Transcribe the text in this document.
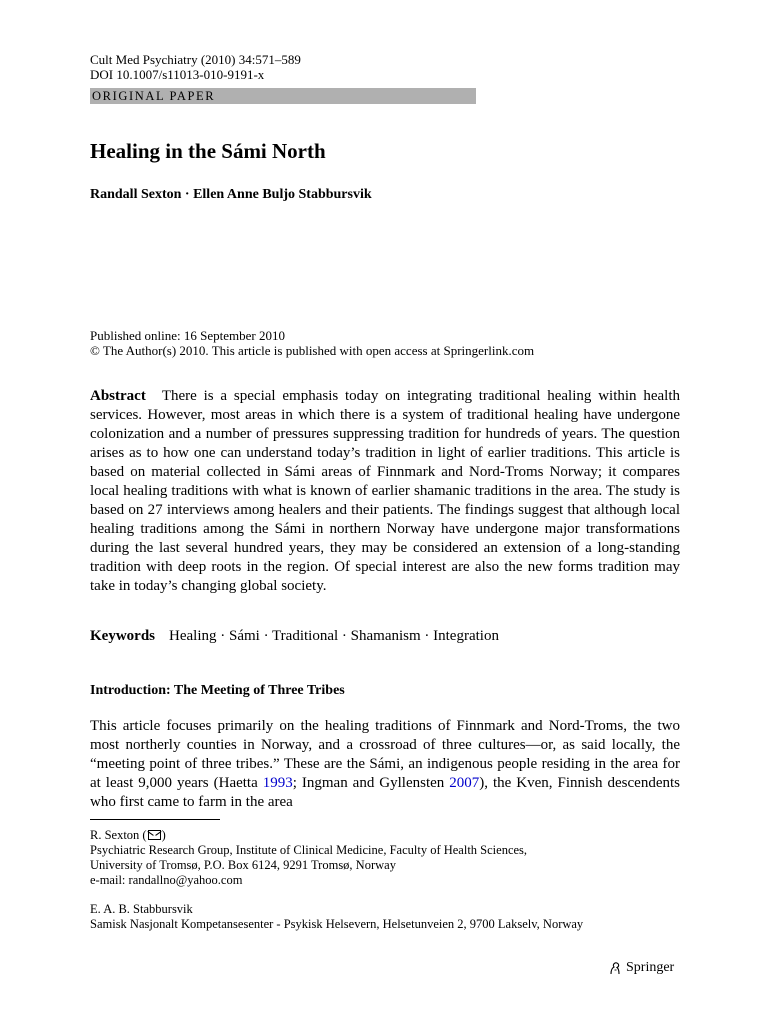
Cult Med Psychiatry (2010) 34:571–589
DOI 10.1007/s11013-010-9191-x
ORIGINAL PAPER
Healing in the Sámi North
Randall Sexton · Ellen Anne Buljo Stabbursvik
Published online: 16 September 2010
© The Author(s) 2010. This article is published with open access at Springerlink.com
Abstract There is a special emphasis today on integrating traditional healing within health services. However, most areas in which there is a system of traditional healing have undergone colonization and a number of pressures suppressing tradition for hundreds of years. The question arises as to how one can understand today’s tradition in light of earlier traditions. This article is based on material collected in Sámi areas of Finnmark and Nord-Troms Norway; it compares local healing traditions with what is known of earlier shamanic traditions in the area. The study is based on 27 interviews among healers and their patients. The findings suggest that although local healing traditions among the Sámi in northern Norway have undergone major transformations during the last several hundred years, they may be considered an extension of a long-standing tradition with deep roots in the region. Of special interest are also the new forms tradition may take in today’s changing global society.
Keywords Healing · Sámi · Traditional · Shamanism · Integration
Introduction: The Meeting of Three Tribes
This article focuses primarily on the healing traditions of Finnmark and Nord-Troms, the two most northerly counties in Norway, and a crossroad of three cultures—or, as said locally, the “meeting point of three tribes.” These are the Sámi, an indigenous people residing in the area for at least 9,000 years (Haetta 1993; Ingman and Gyllensten 2007), the Kven, Finnish descendents who first came to farm in the area
R. Sexton ( )
Psychiatric Research Group, Institute of Clinical Medicine, Faculty of Health Sciences,
University of Tromsø, P.O. Box 6124, 9291 Tromsø, Norway
e-mail: randallno@yahoo.com
E. A. B. Stabbursvik
Samisk Nasjonalt Kompetansesenter - Psykisk Helsevern, Helsetunveien 2, 9700 Lakselv, Norway
Springer
